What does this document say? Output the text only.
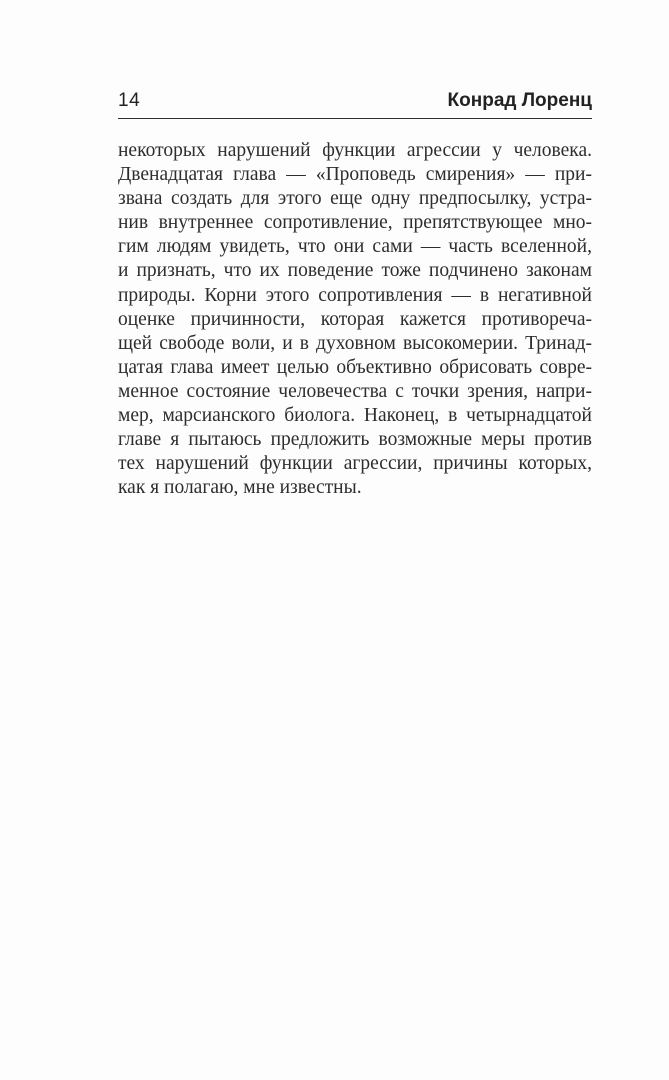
14	Конрад Лоренц
некоторых нарушений функции агрессии у человека.
Двенадцатая глава — «Проповедь смирения» — при-
звана создать для этого еще одну предпосылку, устра-
нив внутреннее сопротивление, препятствующее мно-
гим людям увидеть, что они сами — часть вселенной,
и признать, что их поведение тоже подчинено законам
природы. Корни этого сопротивления — в негативной
оценке причинности, которая кажется противореча-
щей свободе воли, и в духовном высокомерии. Тринад-
цатая глава имеет целью объективно обрисовать совре-
менное состояние человечества с точки зрения, напри-
мер, марсианского биолога. Наконец, в четырнадцатой
главе я пытаюсь предложить возможные меры против
тех нарушений функции агрессии, причины которых,
как я полагаю, мне известны.
